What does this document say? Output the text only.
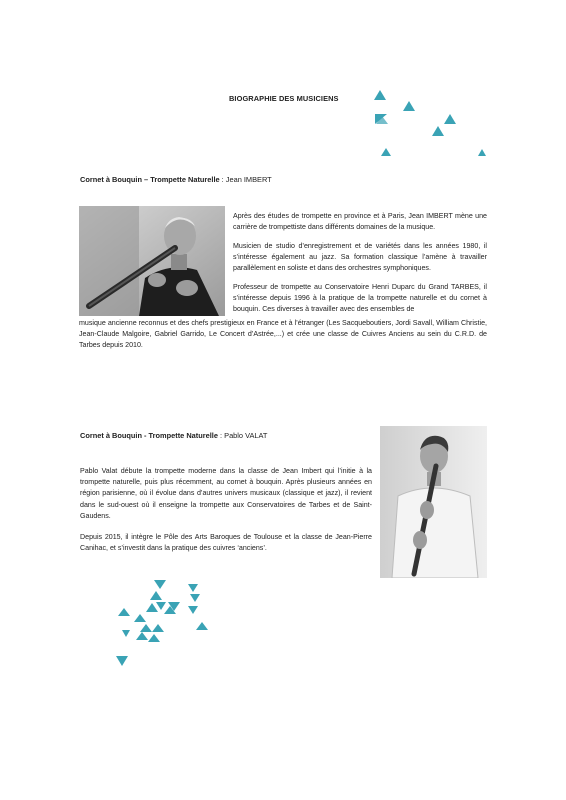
BIOGRAPHIE DES MUSICIENS
Cornet à Bouquin – Trompette Naturelle : Jean IMBERT

Après des études de trompette en province et à Paris, Jean IMBERT mène une carrière de trompettiste dans différents domaines de la musique.

Musicien de studio d’enregistrement et de variétés dans les années 1980, il s’intéresse également au jazz. Sa formation classique l’amène à travailler parallèlement en soliste et dans des orchestres symphoniques.

Professeur de trompette au Conservatoire Henri Duparc du Grand TARBES, il s’intéresse depuis 1996 à la pratique de la trompette naturelle et du cornet à bouquin. Ces diverses à travailler avec des ensembles de

musique ancienne reconnus et des chefs prestigieux en France et à l’étranger (Les Sacqueboutiers, Jordi Savall, William Christie, Jean-Claude Malgoire, Gabriel Garrido, Le Concert d’Astrée,...) et crée une classe de Cuivres Anciens au sein du C.R.D. de Tarbes depuis 2010.

Cornet à Bouquin - Trompette Naturelle : Pablo VALAT

Pablo Valat débute la trompette moderne dans la classe de Jean Imbert qui l’initie à la trompette naturelle, puis plus récemment, au cornet à bouquin. Après plusieurs années en région parisienne, où il évolue dans d’autres univers musicaux (classique et jazz), il revient dans le sud-ouest où il enseigne la trompette aux Conservatoires de Tarbes et de Saint-Gaudens.

Depuis 2015, il intègre le Pôle des Arts Baroques de Toulouse et la classe de Jean-Pierre Canihac, et s’investit dans la pratique des cuivres ‘anciens’.
